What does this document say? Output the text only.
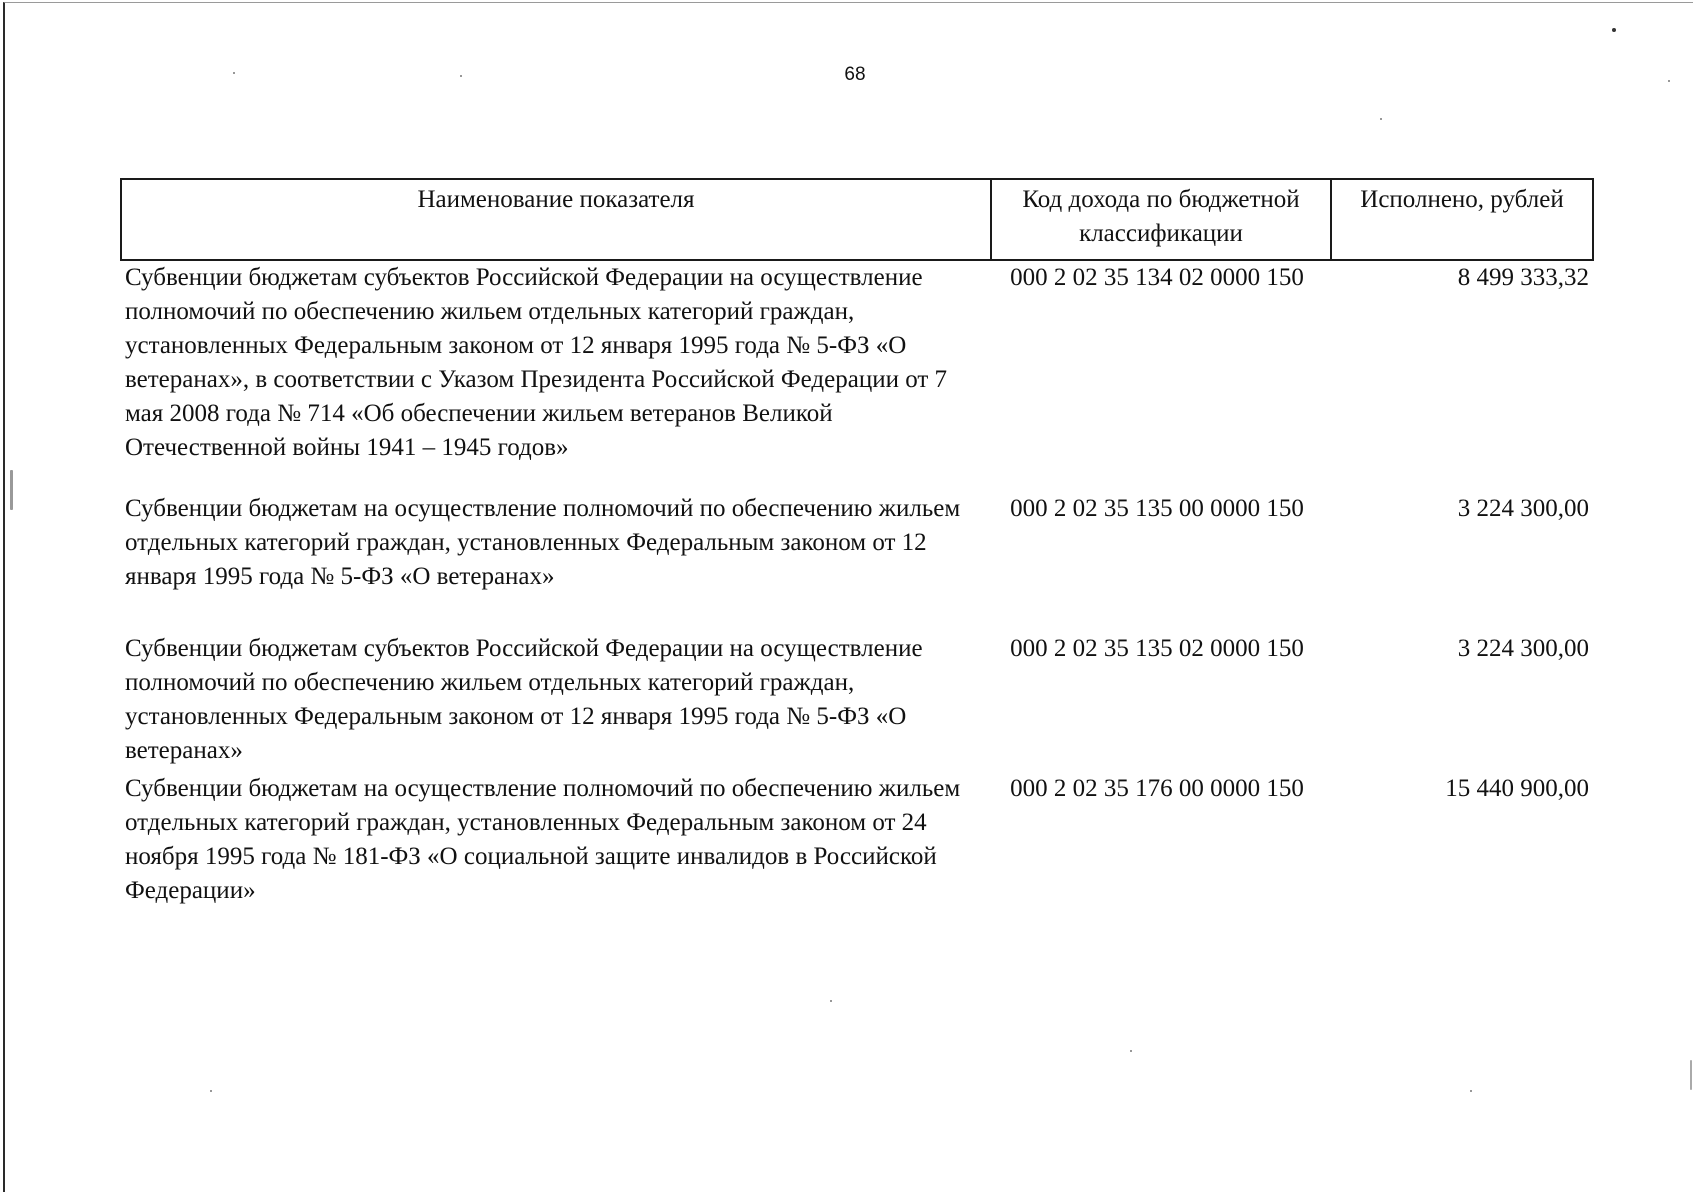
68
Наименование показателя	Код дохода по бюджетной классификации	Исполнено, рублей
Субвенции бюджетам субъектов Российской Федерации на осуществление полномочий по обеспечению жильем отдельных категорий граждан, установленных Федеральным законом от 12 января 1995 года № 5-ФЗ «О ветеранах», в соответствии с Указом Президента Российской Федерации от 7 мая 2008 года № 714 «Об обеспечении жильем ветеранов Великой Отечественной войны 1941 – 1945 годов»	000 2 02 35 134 02 0000 150	8 499 333,32
Субвенции бюджетам на осуществление полномочий по обеспечению жильем отдельных категорий граждан, установленных Федеральным законом от 12 января 1995 года № 5-ФЗ «О ветеранах»	000 2 02 35 135 00 0000 150	3 224 300,00
Субвенции бюджетам субъектов Российской Федерации на осуществление полномочий по обеспечению жильем отдельных категорий граждан, установленных Федеральным законом от 12 января 1995 года № 5-ФЗ «О ветеранах»	000 2 02 35 135 02 0000 150	3 224 300,00
Субвенции бюджетам на осуществление полномочий по обеспечению жильем отдельных категорий граждан, установленных Федеральным законом от 24 ноября 1995 года № 181-ФЗ «О социальной защите инвалидов в Российской Федерации»	000 2 02 35 176 00 0000 150	15 440 900,00
